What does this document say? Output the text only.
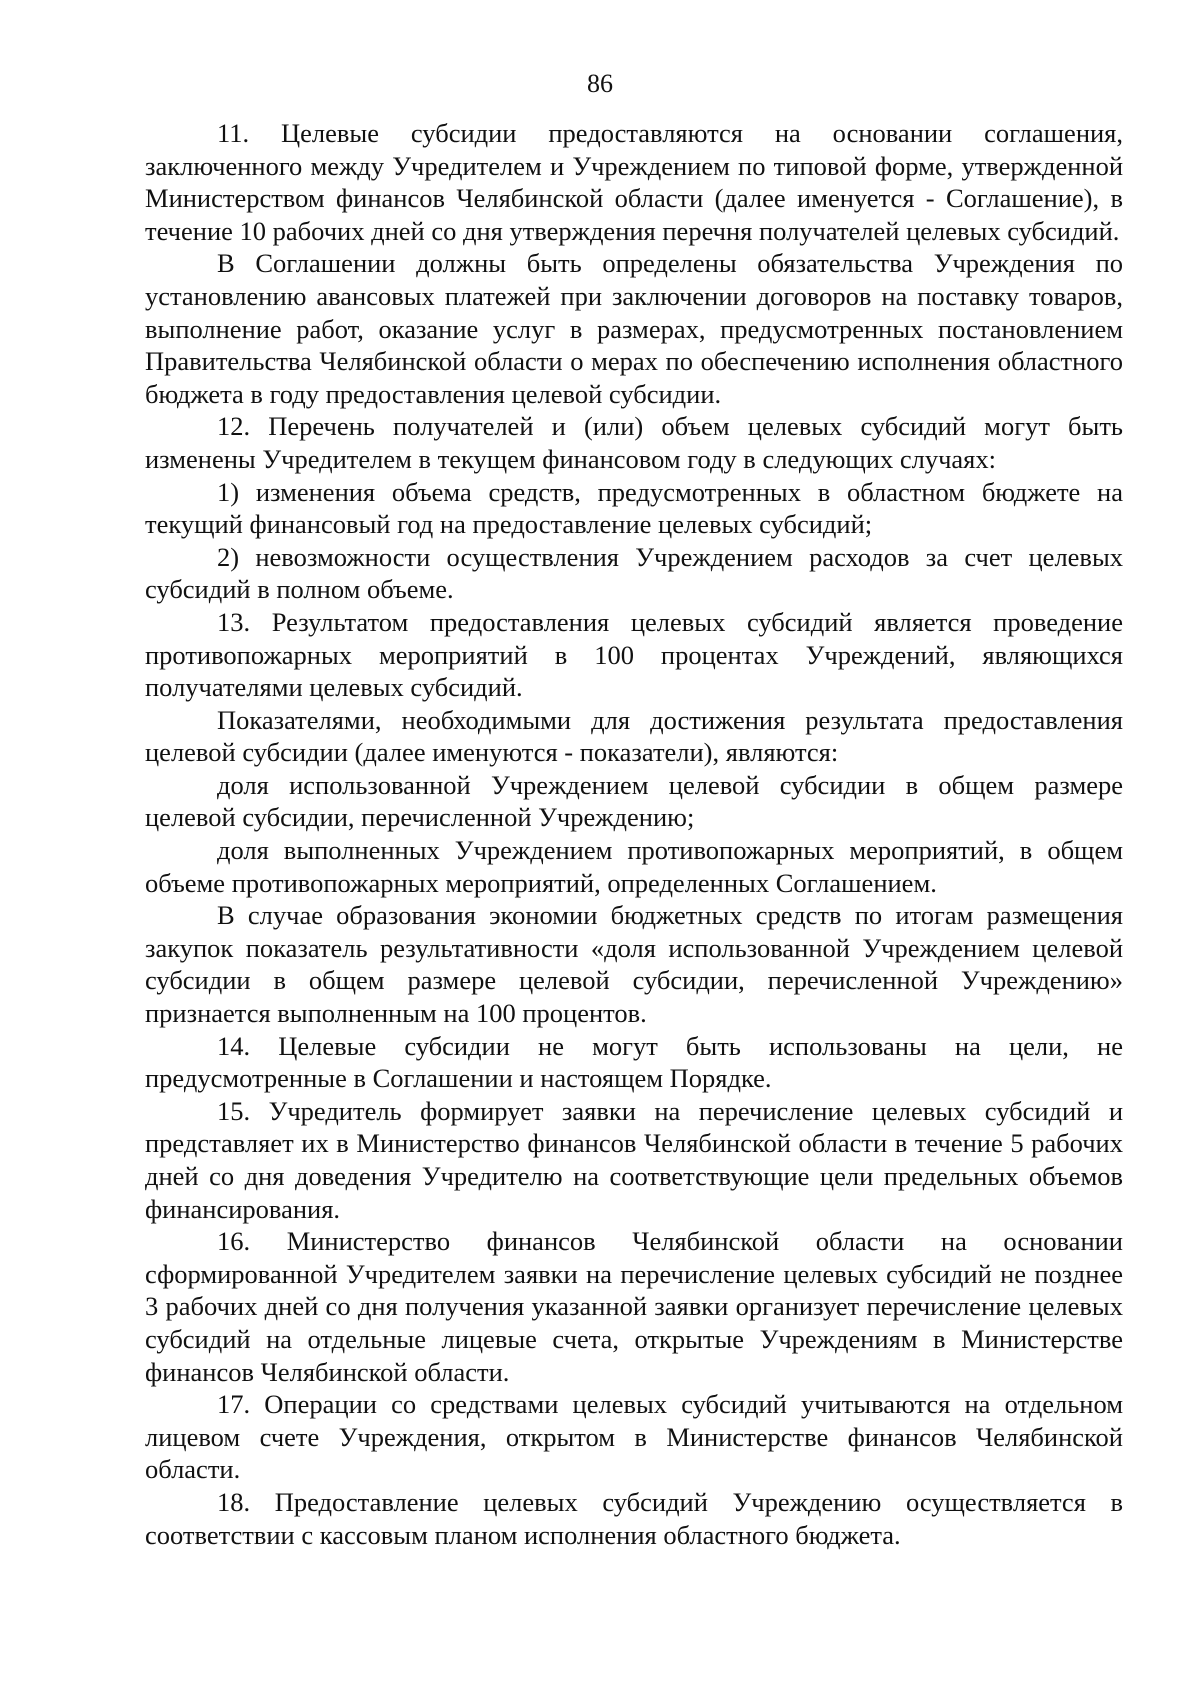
86

11. Целевые субсидии предоставляются на основании соглашения, заключенного между Учредителем и Учреждением по типовой форме, утвержденной Министерством финансов Челябинской области (далее именуется - Соглашение), в течение 10 рабочих дней со дня утверждения перечня получателей целевых субсидий.

В Соглашении должны быть определены обязательства Учреждения по установлению авансовых платежей при заключении договоров на поставку товаров, выполнение работ, оказание услуг в размерах, предусмотренных постановлением Правительства Челябинской области о мерах по обеспечению исполнения областного бюджета в году предоставления целевой субсидии.

12. Перечень получателей и (или) объем целевых субсидий могут быть изменены Учредителем в текущем финансовом году в следующих случаях:

1) изменения объема средств, предусмотренных в областном бюджете на текущий финансовый год на предоставление целевых субсидий;

2) невозможности осуществления Учреждением расходов за счет целевых субсидий в полном объеме.

13. Результатом предоставления целевых субсидий является проведение противопожарных мероприятий в 100 процентах Учреждений, являющихся получателями целевых субсидий.

Показателями, необходимыми для достижения результата предоставления целевой субсидии (далее именуются - показатели), являются:

доля использованной Учреждением целевой субсидии в общем размере целевой субсидии, перечисленной Учреждению;

доля выполненных Учреждением противопожарных мероприятий, в общем объеме противопожарных мероприятий, определенных Соглашением.

В случае образования экономии бюджетных средств по итогам размещения закупок показатель результативности «доля использованной Учреждением целевой субсидии в общем размере целевой субсидии, перечисленной Учреждению» признается выполненным на 100 процентов.

14. Целевые субсидии не могут быть использованы на цели, не предусмотренные в Соглашении и настоящем Порядке.

15. Учредитель формирует заявки на перечисление целевых субсидий и представляет их в Министерство финансов Челябинской области в течение 5 рабочих дней со дня доведения Учредителю на соответствующие цели предельных объемов финансирования.

16. Министерство финансов Челябинской области на основании сформированной Учредителем заявки на перечисление целевых субсидий не позднее 3 рабочих дней со дня получения указанной заявки организует перечисление целевых субсидий на отдельные лицевые счета, открытые Учреждениям в Министерстве финансов Челябинской области.

17. Операции со средствами целевых субсидий учитываются на отдельном лицевом счете Учреждения, открытом в Министерстве финансов Челябинской области.

18. Предоставление целевых субсидий Учреждению осуществляется в соответствии с кассовым планом исполнения областного бюджета.
